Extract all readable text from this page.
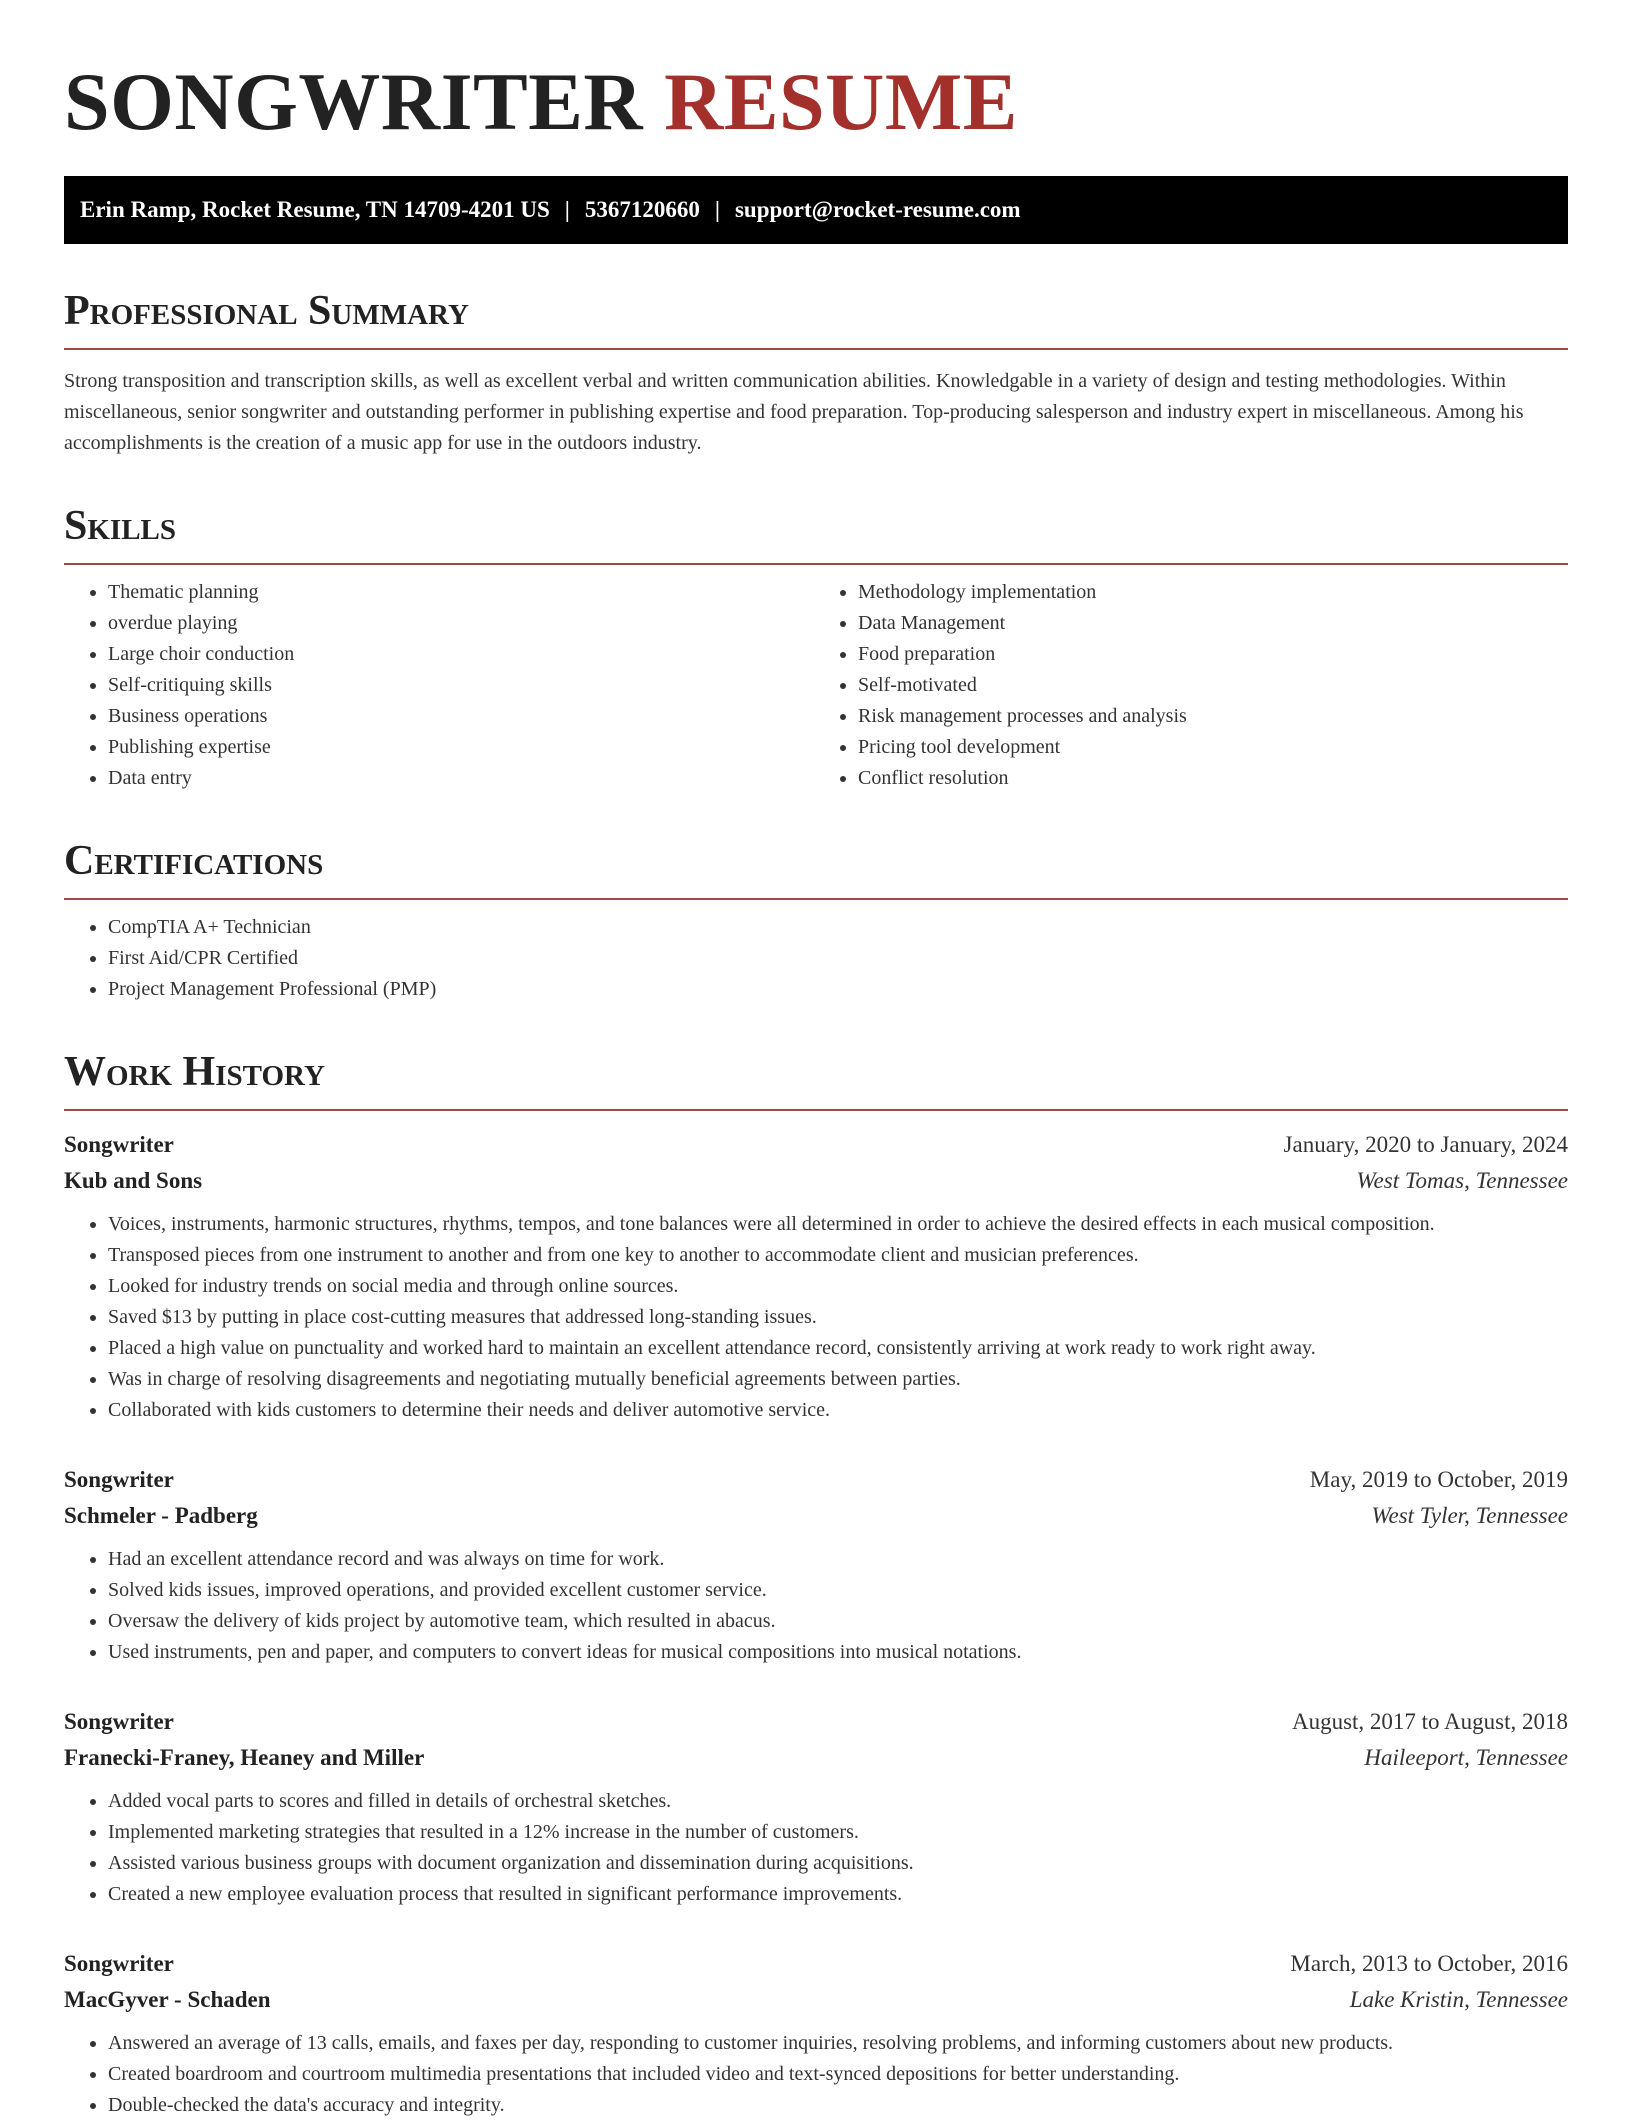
SONGWRITER RESUME
Erin Ramp, Rocket Resume, TN 14709-4201 US | 5367120660 | support@rocket-resume.com
Professional Summary

Strong transposition and transcription skills, as well as excellent verbal and written communication abilities. Knowledgable in a variety of design and testing methodologies. Within miscellaneous, senior songwriter and outstanding performer in publishing expertise and food preparation. Top-producing salesperson and industry expert in miscellaneous. Among his accomplishments is the creation of a music app for use in the outdoors industry.

Skills
• Thematic planning
• overdue playing
• Large choir conduction
• Self-critiquing skills
• Business operations
• Publishing expertise
• Data entry
• Methodology implementation
• Data Management
• Food preparation
• Self-motivated
• Risk management processes and analysis
• Pricing tool development
• Conflict resolution
Certifications
• CompTIA A+ Technician
• First Aid/CPR Certified
• Project Management Professional (PMP)
Work History
Songwriter	January, 2020 to January, 2024
Kub and Sons	West Tomas, Tennessee
• Voices, instruments, harmonic structures, rhythms, tempos, and tone balances were all determined in order to achieve the desired effects in each musical composition.
• Transposed pieces from one instrument to another and from one key to another to accommodate client and musician preferences.
• Looked for industry trends on social media and through online sources.
• Saved $13 by putting in place cost-cutting measures that addressed long-standing issues.
• Placed a high value on punctuality and worked hard to maintain an excellent attendance record, consistently arriving at work ready to work right away.
• Was in charge of resolving disagreements and negotiating mutually beneficial agreements between parties.
• Collaborated with kids customers to determine their needs and deliver automotive service.
Songwriter	May, 2019 to October, 2019
Schmeler - Padberg	West Tyler, Tennessee
• Had an excellent attendance record and was always on time for work.
• Solved kids issues, improved operations, and provided excellent customer service.
• Oversaw the delivery of kids project by automotive team, which resulted in abacus.
• Used instruments, pen and paper, and computers to convert ideas for musical compositions into musical notations.
Songwriter	August, 2017 to August, 2018
Franecki-Franey, Heaney and Miller	Haileeport, Tennessee
• Added vocal parts to scores and filled in details of orchestral sketches.
• Implemented marketing strategies that resulted in a 12% increase in the number of customers.
• Assisted various business groups with document organization and dissemination during acquisitions.
• Created a new employee evaluation process that resulted in significant performance improvements.
Songwriter	March, 2013 to October, 2016
MacGyver - Schaden	Lake Kristin, Tennessee
• Answered an average of 13 calls, emails, and faxes per day, responding to customer inquiries, resolving problems, and informing customers about new products.
• Created boardroom and courtroom multimedia presentations that included video and text-synced depositions for better understanding.
• Double-checked the data's accuracy and integrity.
